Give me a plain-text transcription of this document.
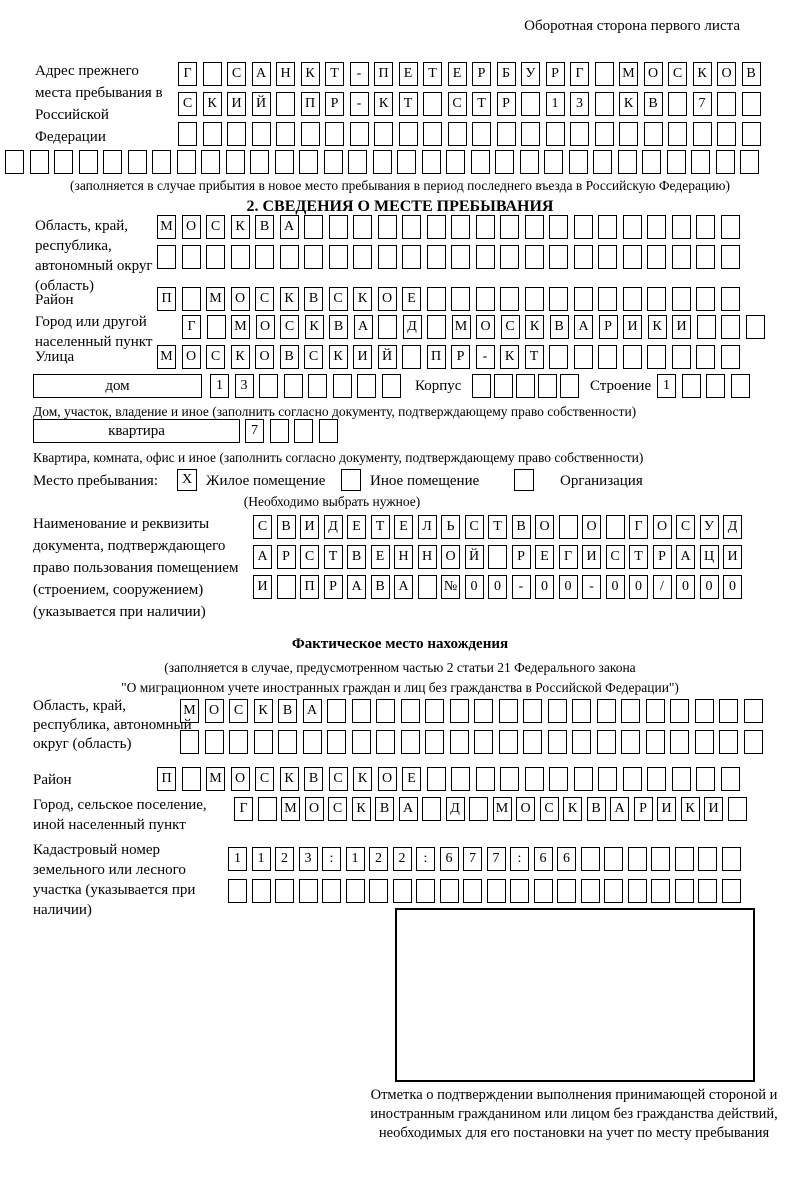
Оборотная сторона первого листа
Адрес прежнего места пребывания в Российской Федерации
Г	С	А	Н	К	Т	-	П	Е	Т	Е	Р	Б	У	Р	Г	М О	С	К	О	В
С	К	И	Й	П	Р	-	К	Т	С	Т	Р	1	3	К	В	7
(заполняется в случае прибытия в новое место пребывания в период последнего въезда в Российскую Федерацию)
2. СВЕДЕНИЯ О МЕСТЕ ПРЕБЫВАНИЯ
Область, край, республика, автономный округ (область)
М О	С	К	В	А
Район	П	М О	С	К	В	С	К	О	Е
Город или другой населенный пункт
Г	М О	С	К	В	А	Д	М О	С	К	В	А	Р	И	К	И
Улица	М О	С	К	О	В	С	К	И	Й	П	Р	-	К	Т
дом	1	3	Корпус	Строение 1
Дом, участок, владение и иное (заполнить согласно документу, подтверждающему право собственности)
квартира	7
Квартира, комната, офис и иное (заполнить согласно документу, подтверждающему право собственности)
Место пребывания:	X Жилое помещение	Иное помещение	Организация
(Необходимо выбрать нужное)
Наименование и реквизиты документа, подтверждающего право пользования помещением (строением, сооружением) (указывается при наличии)
С	В И Д	Е	Т	Е	Л	Ь	С	Т	В О	О	Г	О С У Д
А	Р	С	Т	В	Е	Н Н О Й	Р	Е	Г	И С	Т	Р	А Ц И
И	П	Р	А В А	№ 0	0	-	0	0	-	0	0	/	0	0	0
Фактическое место нахождения
(заполняется в случае, предусмотренном частью 2 статьи 21 Федерального закона
"О миграционном учете иностранных граждан и лиц без гражданства в Российской Федерации")
Область, край, республика, автономный округ (область)
М О	С	К	В	А
Район	П	М О	С	К	В	С	К	О	Е
Город, сельское поселение, иной населенный пункт
Г	М О С	К	В А	Д	М О С	К	В А	Р	И К И
Кадастровый номер земельного или лесного участка (указывается при наличии)
1	1	2	3	:	1	2	2	:	6	7	7	:	6	6
Отметка о подтверждении выполнения принимающей стороной и иностранным гражданином или лицом без гражданства действий, необходимых для его постановки на учет по месту пребывания
